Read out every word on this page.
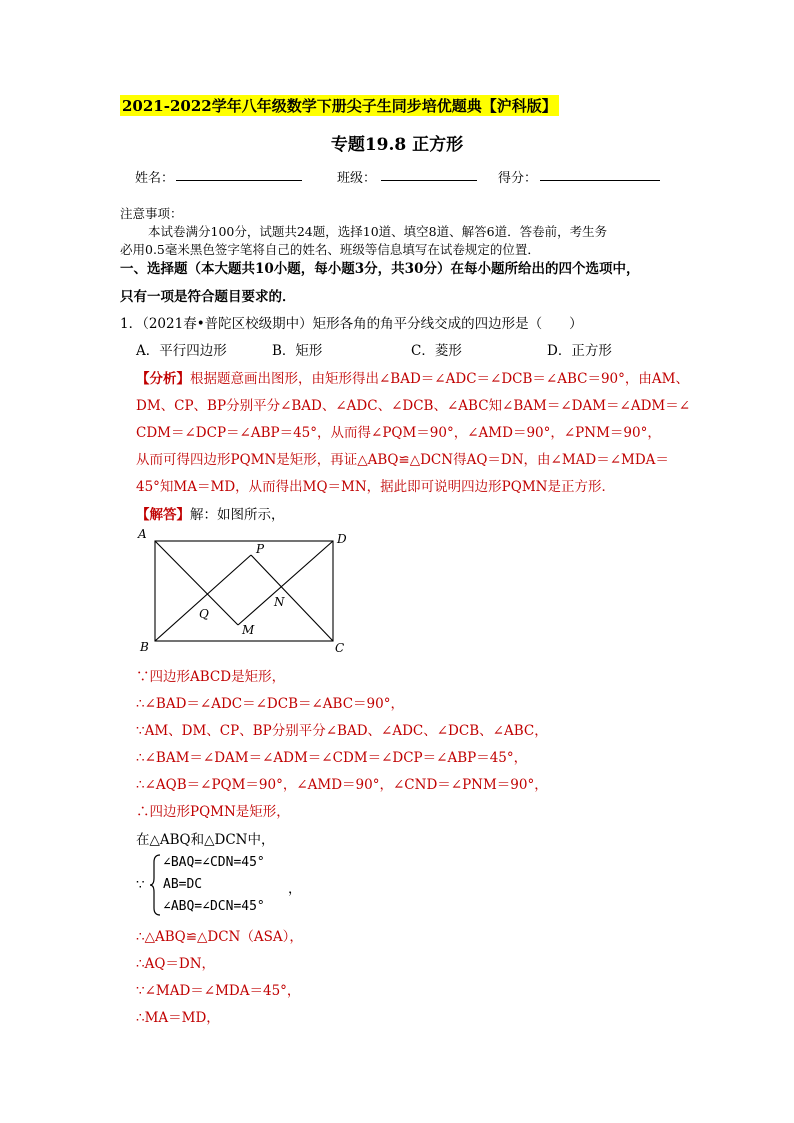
2021-2022学年八年级数学下册尖子生同步培优题典【沪科版】
专题19.8 正方形
姓名：	班级：	得分：
注意事项：
本试卷满分100分，试题共24题，选择10道、填空8道、解答6道．答卷前，考生务
必用0.5毫米黑色签字笔将自己的姓名、班级等信息填写在试卷规定的位置．
一、选择题（本大题共10小题，每小题3分，共30分）在每小题所给出的四个选项中，
只有一项是符合题目要求的．
1．（2021春•普陀区校级期中）矩形各角的角平分线交成的四边形是（　　）
A．平行四边形	B．矩形	C．菱形	D．正方形
【分析】根据题意画出图形，由矩形得出∠BAD＝∠ADC＝∠DCB＝∠ABC＝90°，由AM、
DM、CP、BP分别平分∠BAD、∠ADC、∠DCB、∠ABC知∠BAM＝∠DAM＝∠ADM＝∠
CDM＝∠DCP＝∠ABP＝45°，从而得∠PQM＝90°，∠AMD＝90°，∠PNM＝90°，
从而可得四边形PQMN是矩形，再证△ABQ≌△DCN得AQ＝DN，由∠MAD＝∠MDA＝
45°知MA＝MD，从而得出MQ＝MN，据此即可说明四边形PQMN是正方形．
【解答】解：如图所示，
A	D
B	C
P
Q
M
N
∵四边形ABCD是矩形，
∴∠BAD＝∠ADC＝∠DCB＝∠ABC＝90°，
∵AM、DM、CP、BP分别平分∠BAD、∠ADC、∠DCB、∠ABC，
∴∠BAM＝∠DAM＝∠ADM＝∠CDM＝∠DCP＝∠ABP＝45°，
∴∠AQB＝∠PQM＝90°，∠AMD＝90°，∠CND＝∠PNM＝90°，
∴四边形PQMN是矩形，
在△ABQ和△DCN中，
∵
∠BAQ=∠CDN=45°
AB=DC
∠ABQ=∠DCN=45°
，
∴△ABQ≌△DCN（ASA），
∴AQ＝DN，
∵∠MAD＝∠MDA＝45°，
∴MA＝MD，
